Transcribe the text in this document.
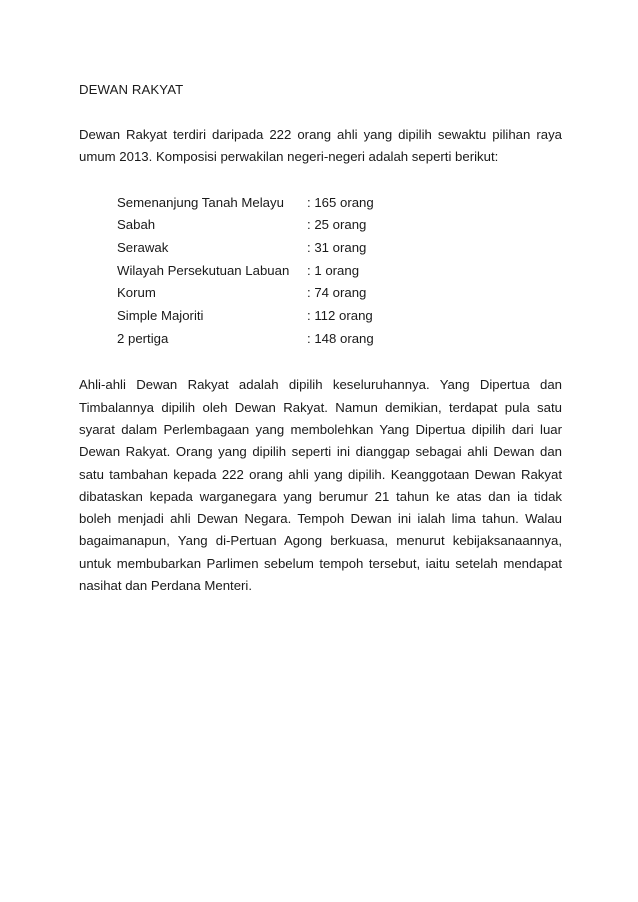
DEWAN RAKYAT

Dewan Rakyat terdiri daripada 222 orang ahli yang dipilih sewaktu pilihan raya umum 2013. Komposisi perwakilan negeri-negeri adalah seperti berikut:

Semenanjung Tanah Melayu	: 165 orang
Sabah	: 25 orang
Serawak	: 31 orang
Wilayah Persekutuan Labuan	: 1 orang
Korum	: 74 orang
Simple Majoriti	: 112 orang
2 pertiga	: 148 orang

Ahli-ahli Dewan Rakyat adalah dipilih keseluruhannya. Yang Dipertua dan Timbalannya dipilih oleh Dewan Rakyat. Namun demikian, terdapat pula satu syarat dalam Perlembagaan yang membolehkan Yang Dipertua dipilih dari luar Dewan Rakyat. Orang yang dipilih seperti ini dianggap sebagai ahli Dewan dan satu tambahan kepada 222 orang ahli yang dipilih. Keanggotaan Dewan Rakyat dibataskan kepada warganegara yang berumur 21 tahun ke atas dan ia tidak boleh menjadi ahli Dewan Negara. Tempoh Dewan ini ialah lima tahun. Walau bagaimanapun, Yang di-Pertuan Agong berkuasa, menurut kebijaksanaannya, untuk membubarkan Parlimen sebelum tempoh tersebut, iaitu setelah mendapat nasihat dan Perdana Menteri.
